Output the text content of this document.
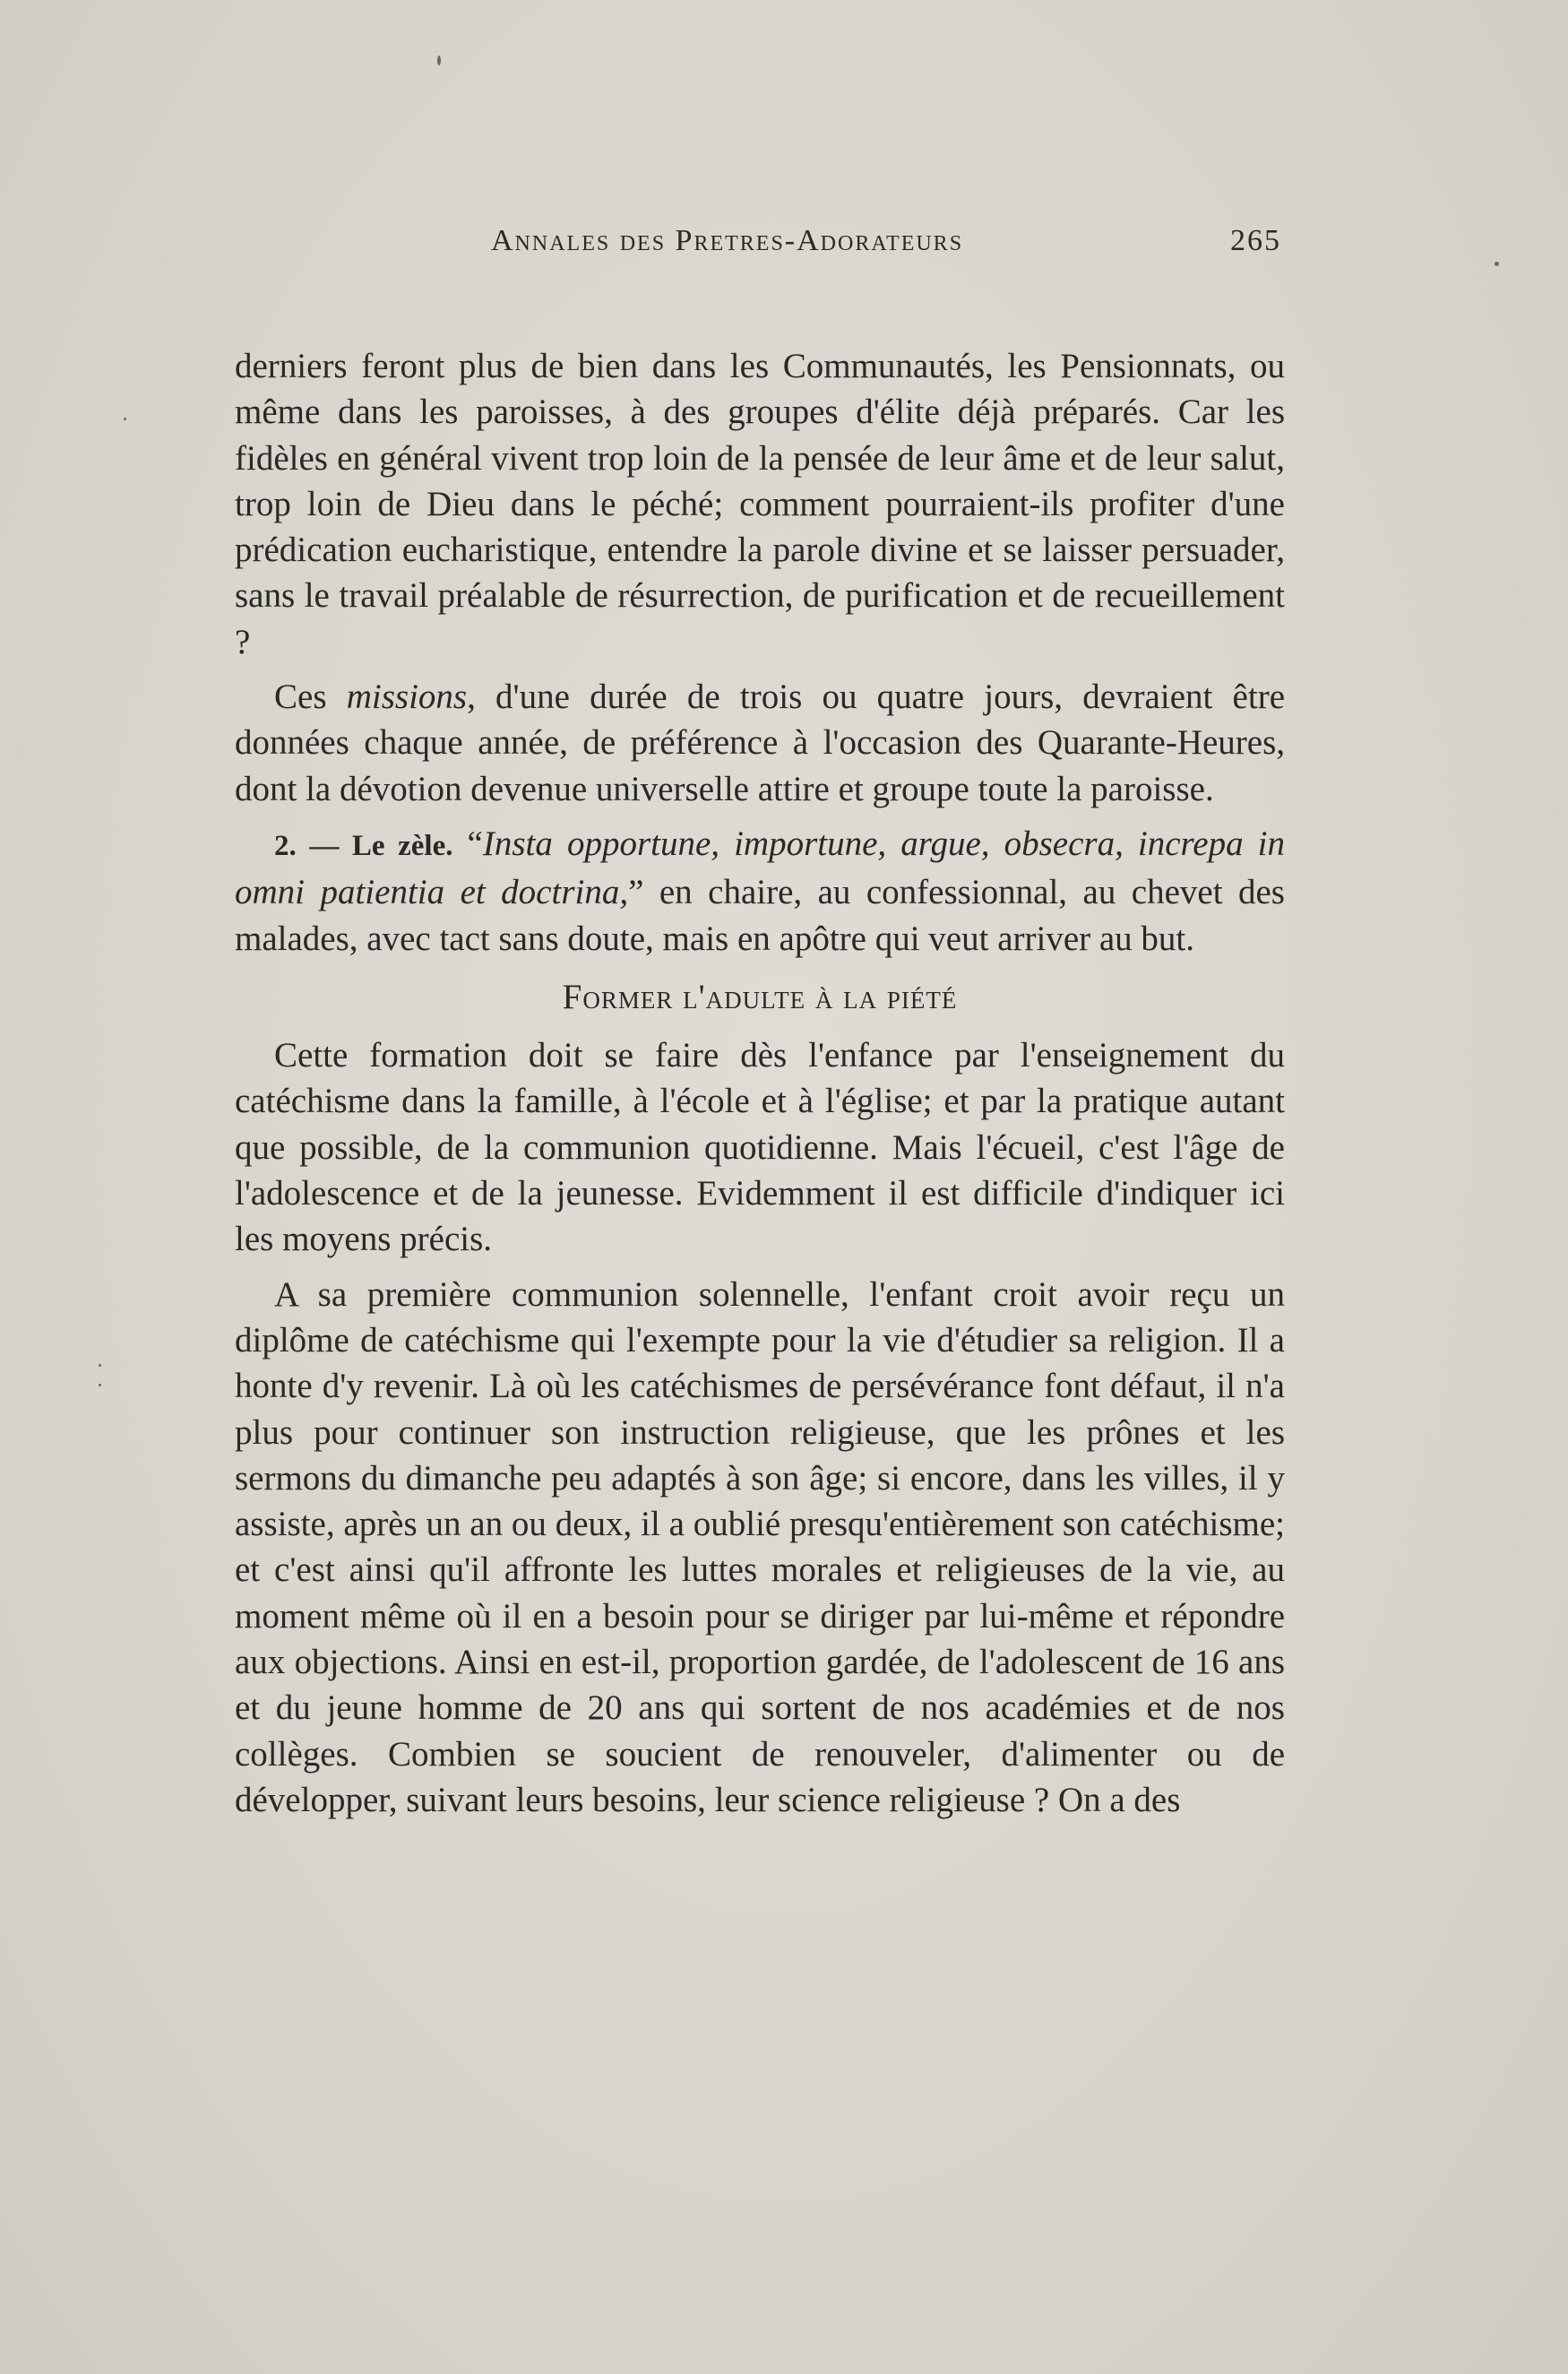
Annales des Pretres-Adorateurs	265

derniers feront plus de bien dans les Communautés, les Pensionnats, ou même dans les paroisses, à des groupes d'élite déjà préparés. Car les fidèles en général vivent trop loin de la pensée de leur âme et de leur salut, trop loin de Dieu dans le péché; comment pourraient-ils profiter d'une prédication eucharistique, entendre la parole divine et se laisser persuader, sans le travail préalable de résurrection, de purification et de recueillement ?

Ces missions, d'une durée de trois ou quatre jours, devraient être données chaque année, de préférence à l'occasion des Quarante-Heures, dont la dévotion devenue universelle attire et groupe toute la paroisse.

2. — Le zèle. “Insta opportune, importune, argue, obsecra, increpa in omni patientia et doctrina,” en chaire, au confessionnal, au chevet des malades, avec tact sans doute, mais en apôtre qui veut arriver au but.

Former l'adulte à la piété

Cette formation doit se faire dès l'enfance par l'enseignement du catéchisme dans la famille, à l'école et à l'église; et par la pratique autant que possible, de la communion quotidienne. Mais l'écueil, c'est l'âge de l'adolescence et de la jeunesse. Evidemment il est difficile d'indiquer ici les moyens précis.

A sa première communion solennelle, l'enfant croit avoir reçu un diplôme de catéchisme qui l'exempte pour la vie d'étudier sa religion. Il a honte d'y revenir. Là où les catéchismes de persévérance font défaut, il n'a plus pour continuer son instruction religieuse, que les prônes et les sermons du dimanche peu adaptés à son âge; si encore, dans les villes, il y assiste, après un an ou deux, il a oublié presqu'entièrement son catéchisme; et c'est ainsi qu'il affronte les luttes morales et religieuses de la vie, au moment même où il en a besoin pour se diriger par lui-même et répondre aux objections. Ainsi en est-il, proportion gardée, de l'adolescent de 16 ans et du jeune homme de 20 ans qui sortent de nos académies et de nos collèges. Combien se soucient de renouveler, d'alimenter ou de développer, suivant leurs besoins, leur science religieuse ? On a des
